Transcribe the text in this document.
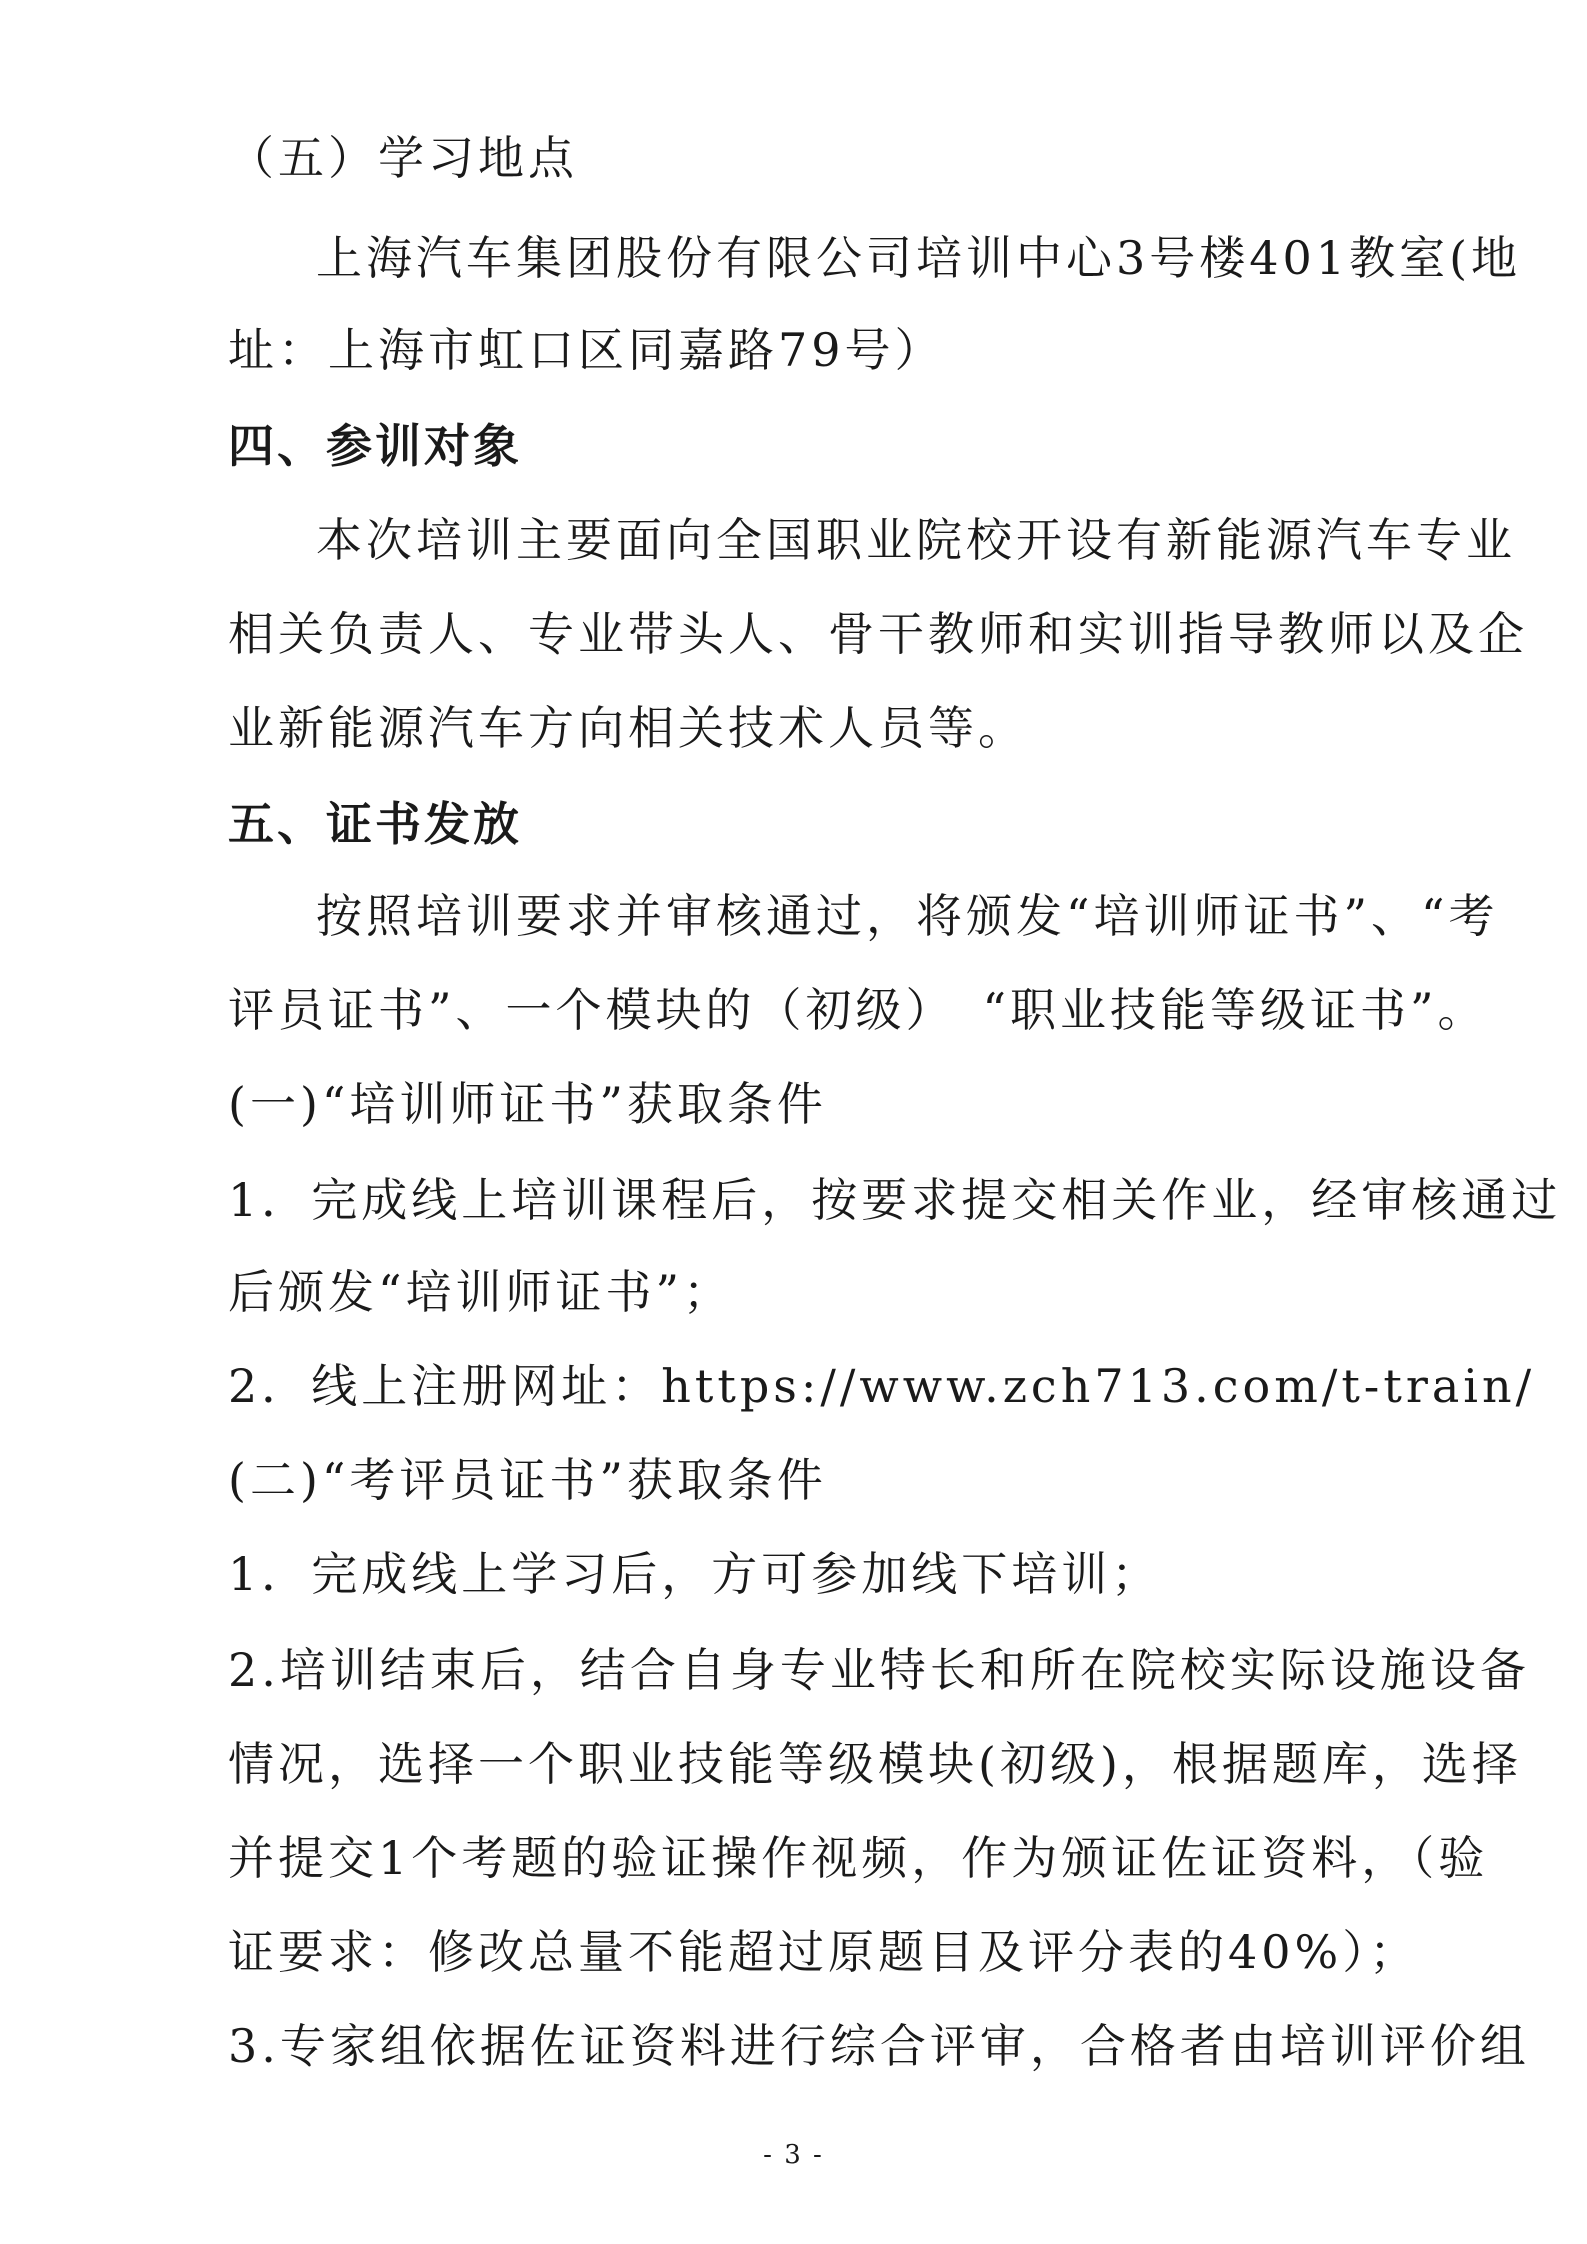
（五）学习地点
上海汽车集团股份有限公司培训中心3号楼401教室(地
址：上海市虹口区同嘉路79号）
四、参训对象
本次培训主要面向全国职业院校开设有新能源汽车专业
相关负责人、专业带头人、骨干教师和实训指导教师以及企
业新能源汽车方向相关技术人员等。
五、证书发放
按照培训要求并审核通过，将颁发“培训师证书”、“考
评员证书”、一个模块的（初级）　“职业技能等级证书”。
(一)“培训师证书”获取条件
1．完成线上培训课程后，按要求提交相关作业，经审核通过
后颁发“培训师证书”；
2．线上注册网址：https://www.zch713.com/t-train/
(二)“考评员证书”获取条件
1．完成线上学习后，方可参加线下培训；
2.培训结束后，结合自身专业特长和所在院校实际设施设备
情况，选择一个职业技能等级模块(初级)，根据题库，选择
并提交1个考题的验证操作视频，作为颁证佐证资料，（验
证要求：修改总量不能超过原题目及评分表的40%）；
3.专家组依据佐证资料进行综合评审，合格者由培训评价组
- 3 -
